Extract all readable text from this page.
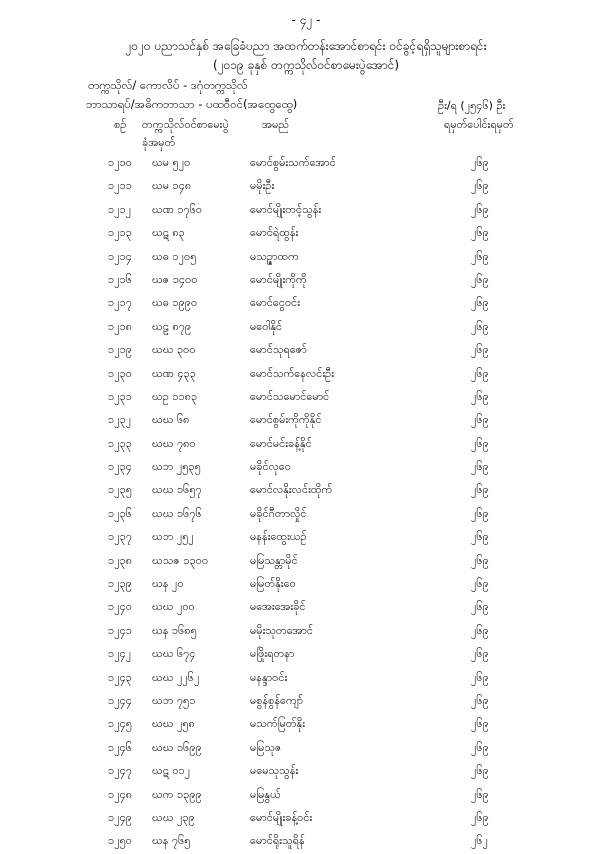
- ၄၂ -
၂၀၂၀ ပညာသင်နှစ် အခြေခံပညာ အထက်တန်းအောင်စာရင်း ဝင်ခွင့်ရရှိသူများစာရင်း
(၂၀၁၉ ခုနှစ် တက္ကသိုလ်ဝင်စာမေးပွဲအောင်)
တက္ကသိုလ်/ ကောလိပ် - ဒဂုံတက္ကသိုလ်
ဘာသာရပ်/အဓိကဘာသာ - ပထဝီဝင်(အထွေထွေ)	ဦး/ရ (၂၅၄၆) ဦး
စဉ် တက္ကသိုလ်ဝင်စာမေးပွဲ
ခုံအမှတ်
အမည်	ရမှတ်ပေါင်းရမှတ်
၁၂၁၀ ဃမ ၅၂၀	မောင်စွမ်းသက်အောင်	၂၆၉
၁၂၁၁ ဃမ ၁၄၈	မမိုးဦး	၂၆၉
၁၂၁၂ ဃဏ ၁၇၆၀	မောင်မျိုးတင့်သွန်း	၂၆၉
၁၂၁၃ ဃဋ ၈၃	မောင်ရဲထွန်း	၂၆၉
၁၂၁၄ ဃဓ ၁၂၀၅	မသဉ္ဇာထက	၂၆၉
၁၂၁၆ ဃဇ ၁၄၀၀	မောင်မျိုးကိုကို	၂၆၉
၁၂၁၇ ဃဓ ၁၉၉၀	မောင်ငွေဝင်း	၂၆၉
၁၂၁၈ ဃဠ ၈၇၉	မဝေါနိုင်	၂၆၉
၁၂၁၉ ဃဃ ၃၀၀	မောင်သုရဇော်	၂၆၉
၁၂၃၀ ဃဏ ၄၃၃	မောင်သက်နေလင်းဦး	၂၆၉
၁၂၃၁ ဃဥ ၁၁၈၃	မောင်သမောင်မောင်	၂၆၉
၁၂၃၂ ဃဃ ၆၈	မောင်စွမ်းကိုကိုနိုင်	၂၆၉
၁၂၃၃ ဃဃ ၇၈၀	မောင်မင်းခန့်နိုင်	၂၆၉
၁၂၃၄ ဃဘ ၂၅၃၅	မခိုင်လှဝေ	၂၆၉
၁၂၃၅ ဃဃ ၁၆၅၇	မောင်လနိုးလင်းထိုက်	၂၆၉
၁၂၃၆ ဃဃ ၁၆၇၆	မခိုင်ဂီတာလှိုင်	၂၆၉
၁၂၃၇ ဃဘ ၂၅၂	မနန်းထွေးယဉ်	၂၆၉
၁၂၃၈ ဃသဇ ၁၃၀၀	မမြသန္တာမိုင်	၂၆၉
၁၂၃၉ ဃန ၂၀	မမြတ်နိုးဝေ	၂၆၉
၁၂၄၀ ဃဃ ၂၀၀	မအေးအေးခိုင်	၂၆၉
၁၂၄၁ ဃန ၁၆၈၅	မမိုးသုတအောင်	၂၆၉
၁၂၄၂ ဃဃ ၆၇၄	မဖြိုးရတနာ	၂၆၉
၁၂၄၃ ဃဃ ၂၂၆၂	မနန္ဒာဝင်း	၂၆၉
၁၂၄၄ ဃဘ ၇၅၁	မစွန်စွန်ကျော်	၂၆၉
၁၂၄၅ ဃဃ ၂၅၈	မသက်မြတ်နိုး	၂၆၉
၁၂၄၆ ဃဃ ၁၆၉၉	မမြသုဇ	၂၆၉
၁၂၄၇ ဃဋ ၀၁၂	မမေသုသွန်း	၂၆၉
၁၂၄၈ ဃက ၁၃၉၉	မမြနွယ်	၂၆၉
၁၂၄၉ ဃဃ ၂၃၉	မောင်မျိုးခန့်ဝင်း	၂၆၉
၁၂၅၀ ဃန ၇၆၅	မောင်ရိုးသူရိန်	၂၆၂
